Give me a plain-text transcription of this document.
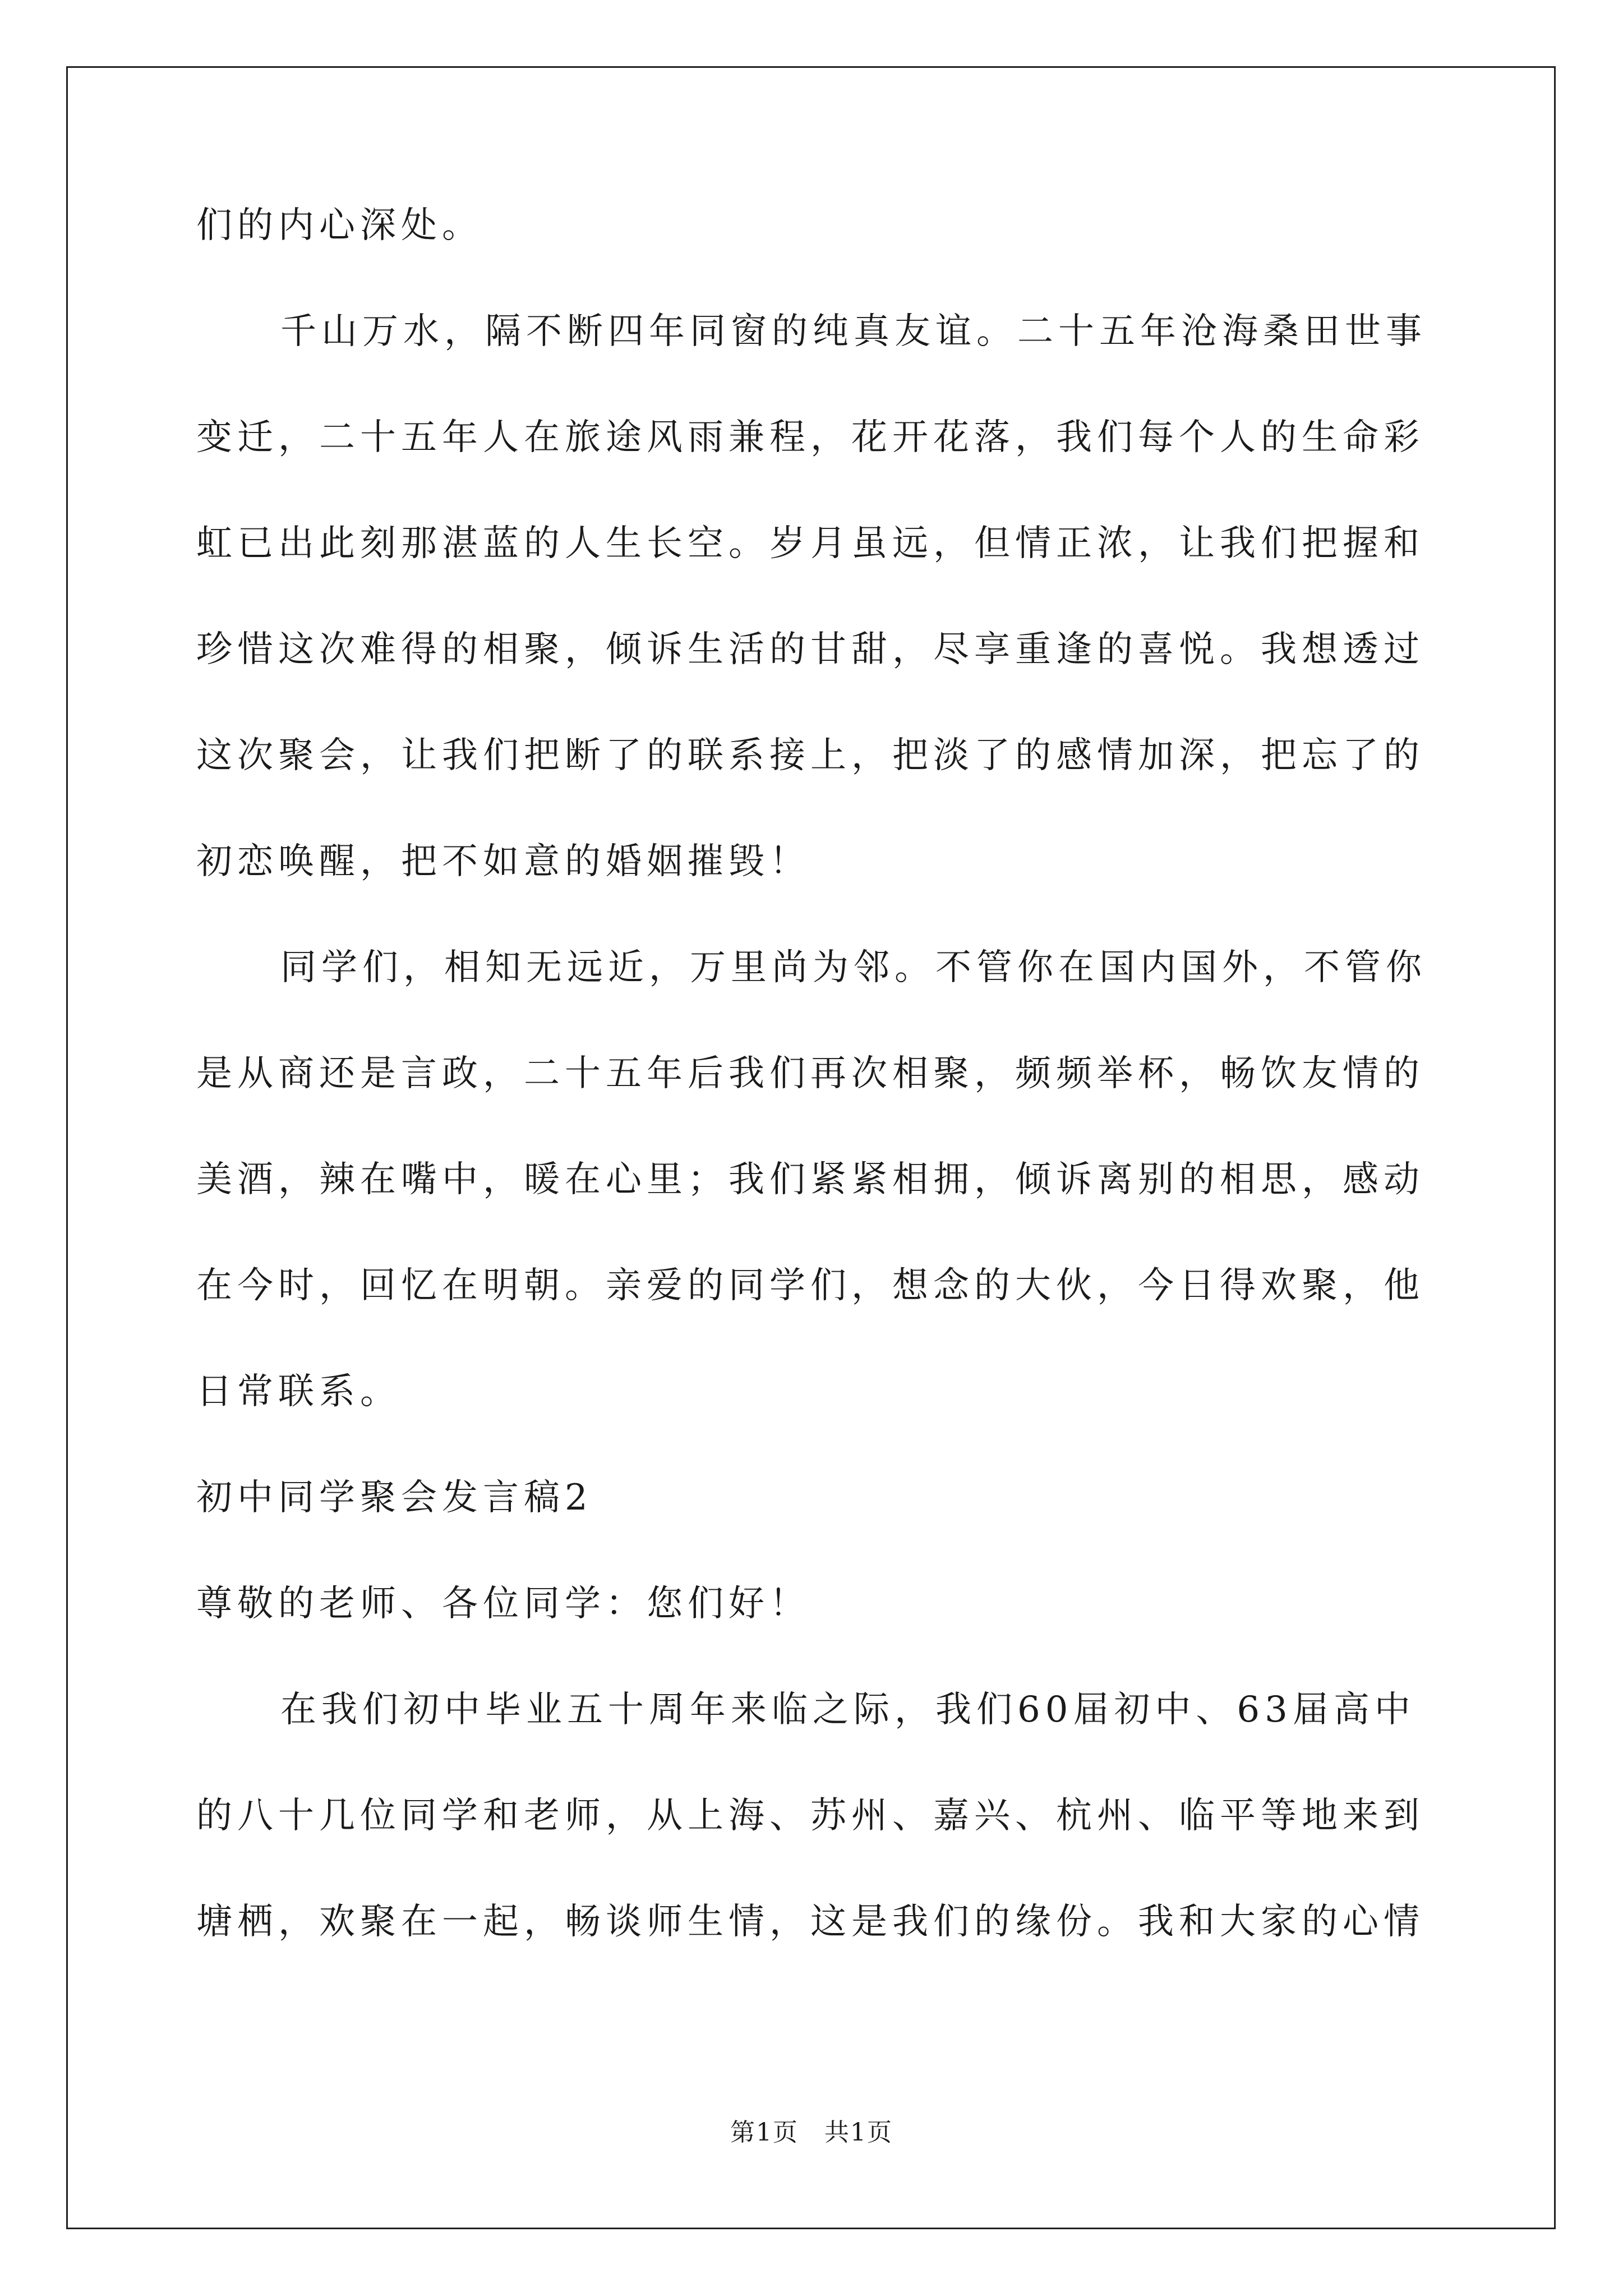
们的内心深处。
千山万水，隔不断四年同窗的纯真友谊。二十五年沧海桑田世事
变迁，二十五年人在旅途风雨兼程，花开花落，我们每个人的生命彩
虹已出此刻那湛蓝的人生长空。岁月虽远，但情正浓，让我们把握和
珍惜这次难得的相聚，倾诉生活的甘甜，尽享重逢的喜悦。我想透过
这次聚会，让我们把断了的联系接上，把淡了的感情加深，把忘了的
初恋唤醒，把不如意的婚姻摧毁！
同学们，相知无远近，万里尚为邻。不管你在国内国外，不管你
是从商还是言政，二十五年后我们再次相聚，频频举杯，畅饮友情的
美酒，辣在嘴中，暖在心里；我们紧紧相拥，倾诉离别的相思，感动
在今时，回忆在明朝。亲爱的同学们，想念的大伙，今日得欢聚，他
日常联系。
初中同学聚会发言稿2
尊敬的老师、各位同学：您们好！
在我们初中毕业五十周年来临之际，我们60届初中、63届高中
的八十几位同学和老师，从上海、苏州、嘉兴、杭州、临平等地来到
塘栖，欢聚在一起，畅谈师生情，这是我们的缘份。我和大家的心情
第1页　共1页
